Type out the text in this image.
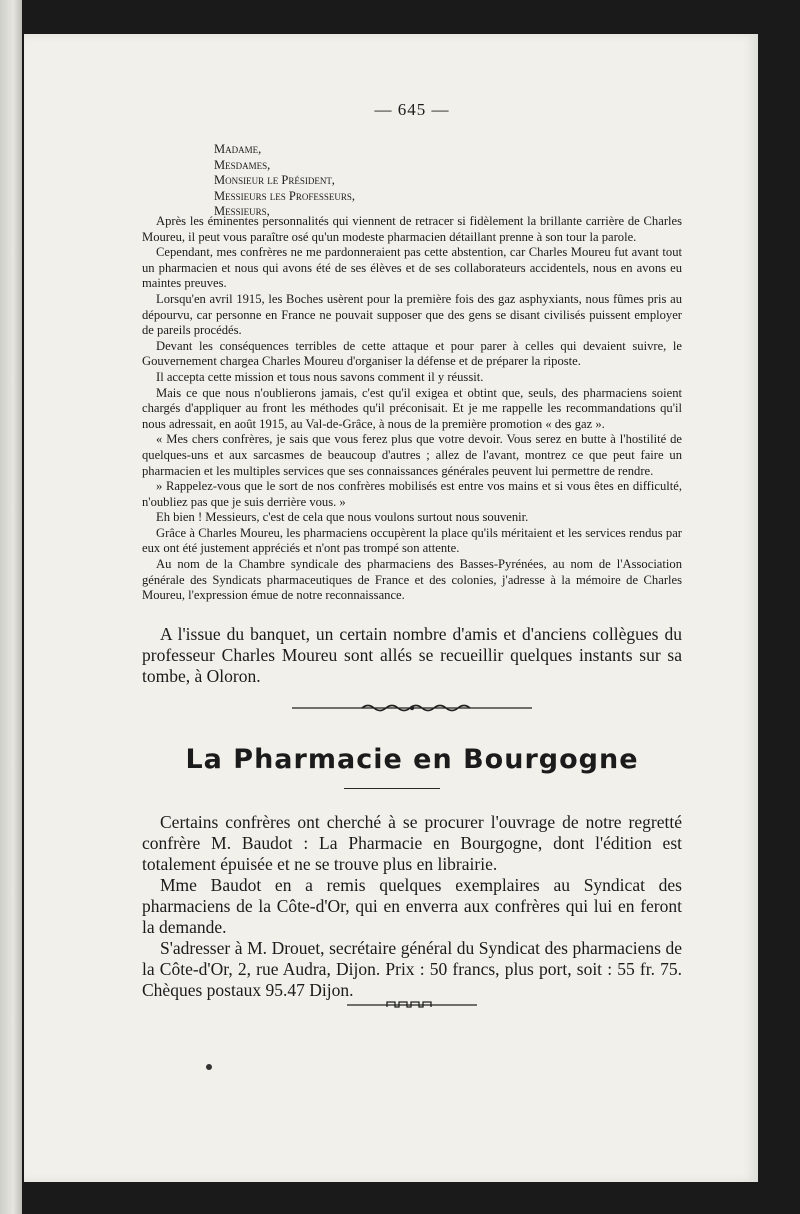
— 645 —
Madame,
Mesdames,
Monsieur le Président,
Messieurs les Professeurs,
Messieurs,

Après les éminentes personnalités qui viennent de retracer si fidèlement la brillante carrière de Charles Moureu, il peut vous paraître osé qu'un modeste pharmacien détaillant prenne à son tour la parole.

Cependant, mes confrères ne me pardonneraient pas cette abstention, car Charles Moureu fut avant tout un pharmacien et nous qui avons été de ses élèves et de ses collaborateurs accidentels, nous en avons eu maintes preuves.

Lorsqu'en avril 1915, les Boches usèrent pour la première fois des gaz asphyxiants, nous fûmes pris au dépourvu, car personne en France ne pouvait supposer que des gens se disant civilisés puissent employer de pareils procédés.

Devant les conséquences terribles de cette attaque et pour parer à celles qui devaient suivre, le Gouvernement chargea Charles Moureu d'organiser la défense et de préparer la riposte.

Il accepta cette mission et tous nous savons comment il y réussit.

Mais ce que nous n'oublierons jamais, c'est qu'il exigea et obtint que, seuls, des pharmaciens soient chargés d'appliquer au front les méthodes qu'il préconisait. Et je me rappelle les recommandations qu'il nous adressait, en août 1915, au Val-de-Grâce, à nous de la première promotion « des gaz ».

« Mes chers confrères, je sais que vous ferez plus que votre devoir. Vous serez en butte à l'hostilité de quelques-uns et aux sarcasmes de beaucoup d'autres ; allez de l'avant, montrez ce que peut faire un pharmacien et les multiples services que ses connaissances générales peuvent lui permettre de rendre.

» Rappelez-vous que le sort de nos confrères mobilisés est entre vos mains et si vous êtes en difficulté, n'oubliez pas que je suis derrière vous. »

Eh bien ! Messieurs, c'est de cela que nous voulons surtout nous souvenir.

Grâce à Charles Moureu, les pharmaciens occupèrent la place qu'ils méritaient et les services rendus par eux ont été justement appréciés et n'ont pas trompé son attente.

Au nom de la Chambre syndicale des pharmaciens des Basses-Pyrénées, au nom de l'Association générale des Syndicats pharmaceutiques de France et des colonies, j'adresse à la mémoire de Charles Moureu, l'expression émue de notre reconnaissance.

A l'issue du banquet, un certain nombre d'amis et d'anciens collègues du professeur Charles Moureu sont allés se recueillir quelques instants sur sa tombe, à Oloron.

La Pharmacie en Bourgogne

Certains confrères ont cherché à se procurer l'ouvrage de notre regretté confrère M. Baudot : La Pharmacie en Bourgogne, dont l'édition est totalement épuisée et ne se trouve plus en librairie.

Mme Baudot en a remis quelques exemplaires au Syndicat des pharmaciens de la Côte-d'Or, qui en enverra aux confrères qui lui en feront la demande.

S'adresser à M. Drouet, secrétaire général du Syndicat des pharmaciens de la Côte-d'Or, 2, rue Audra, Dijon. Prix : 50 francs, plus port, soit : 55 fr. 75. Chèques postaux 95.47 Dijon.
